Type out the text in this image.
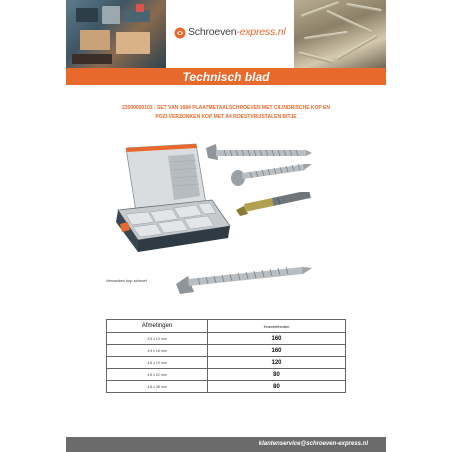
Schroeven-express.nl
Technisch blad
23500000103 - SET VAN 1684 PLAATMETAALSCHROEVEN MET CILINDRISCHE KOP EN
POZI-VERZONKEN KOP MET A4 ROESTVRIJSTALEN BITJE
Verzonken kop schroef
Afmetingen	Hoeveelheden
3,5 x 13 mm	160
3,9 x 16 mm	160
4,8 x 19 mm	120
4,8 x 22 mm	80
4,8 x 38 mm	80
klantenservice@schroeven-express.nl
